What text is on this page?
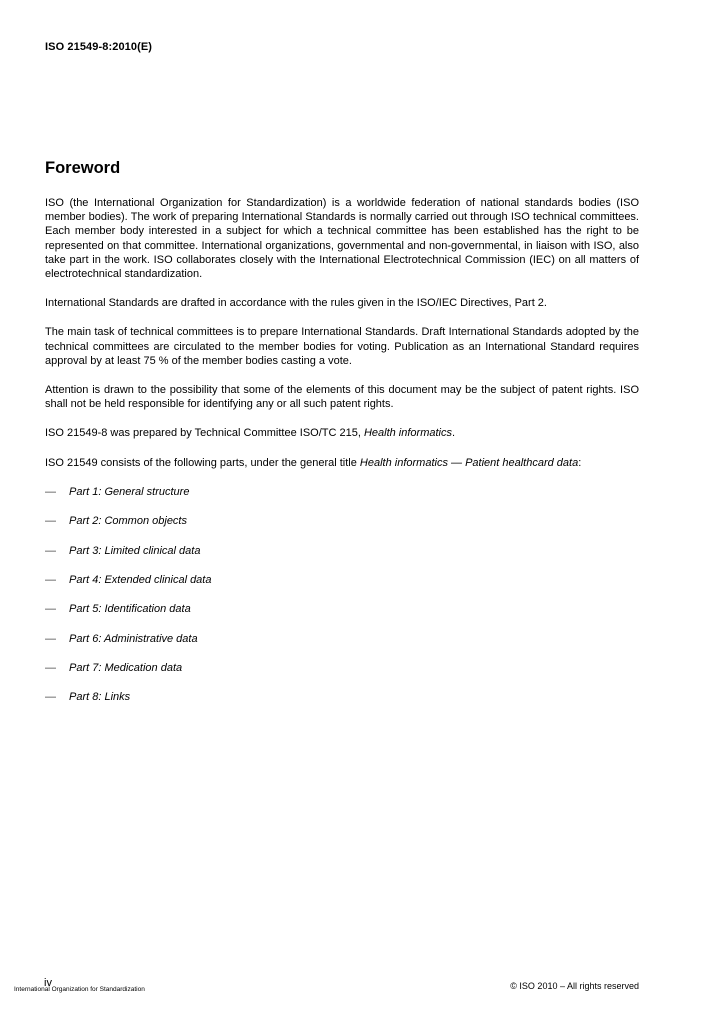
ISO 21549-8:2010(E)
Foreword

ISO (the International Organization for Standardization) is a worldwide federation of national standards bodies (ISO member bodies). The work of preparing International Standards is normally carried out through ISO technical committees. Each member body interested in a subject for which a technical committee has been established has the right to be represented on that committee. International organizations, governmental and non-governmental, in liaison with ISO, also take part in the work. ISO collaborates closely with the International Electrotechnical Commission (IEC) on all matters of electrotechnical standardization.

International Standards are drafted in accordance with the rules given in the ISO/IEC Directives, Part 2.

The main task of technical committees is to prepare International Standards. Draft International Standards adopted by the technical committees are circulated to the member bodies for voting. Publication as an International Standard requires approval by at least 75 % of the member bodies casting a vote.

Attention is drawn to the possibility that some of the elements of this document may be the subject of patent rights. ISO shall not be held responsible for identifying any or all such patent rights.

ISO 21549-8 was prepared by Technical Committee ISO/TC 215, Health informatics.

ISO 21549 consists of the following parts, under the general title Health informatics — Patient healthcard data:

— Part 1: General structure
— Part 2: Common objects
— Part 3: Limited clinical data
— Part 4: Extended clinical data
— Part 5: Identification data
— Part 6: Administrative data
— Part 7: Medication data
— Part 8: Links
iv
International Organization for Standardization	© ISO 2010 – All rights reserved
